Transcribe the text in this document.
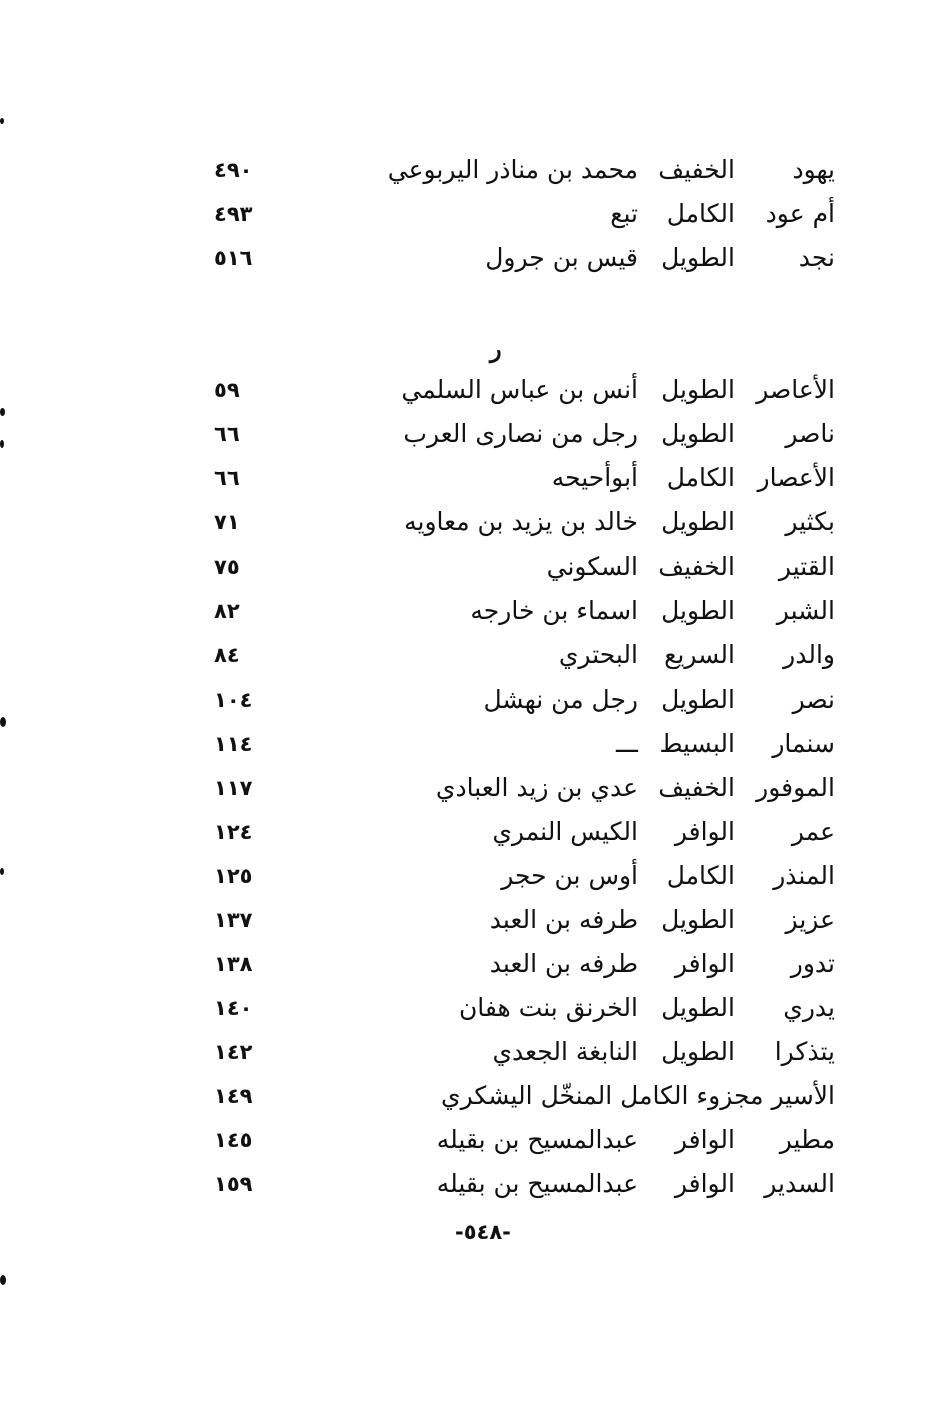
يهود
الخفيف
محمد بن مناذر اليربوعي
٤٩٠
أم عود
الكامل
تبع
٤٩٣
نجد
الطويل
قيس بن جرول
٥١٦
ر
الأعاصر
الطويل
أنس بن عباس السلمي
٥٩
ناصر
الطويل
رجل من نصارى العرب
٦٦
الأعصار
الكامل
أبوأحيحه
٦٦
بكثير
الطويل
خالد بن يزيد بن معاويه
٧١
القتير
الخفيف
السكوني
٧٥
الشبر
الطويل
اسماء بن خارجه
٨٢
والدر
السريع
البحتري
٨٤
نصر
الطويل
رجل من نهشل
١٠٤
سنمار
البسيط
ـــ
١١٤
الموفور
الخفيف
عدي بن زيد العبادي
١١٧
عمر
الوافر
الكيس النمري
١٢٤
المنذر
الكامل
أوس بن حجر
١٢٥
عزيز
الطويل
طرفه بن العبد
١٣٧
تدور
الوافر
طرفه بن العبد
١٣٨
يدري
الطويل
الخرنق بنت هفان
١٤٠
يتذكرا
الطويل
النابغة الجعدي
١٤٢
الأسير مجزوء الكامل المنخّل اليشكري
١٤٩
مطير
الوافر
عبدالمسيح بن بقيله
١٤٥
السدير
الوافر
عبدالمسيح بن بقيله
١٥٩
-٥٤٨-
